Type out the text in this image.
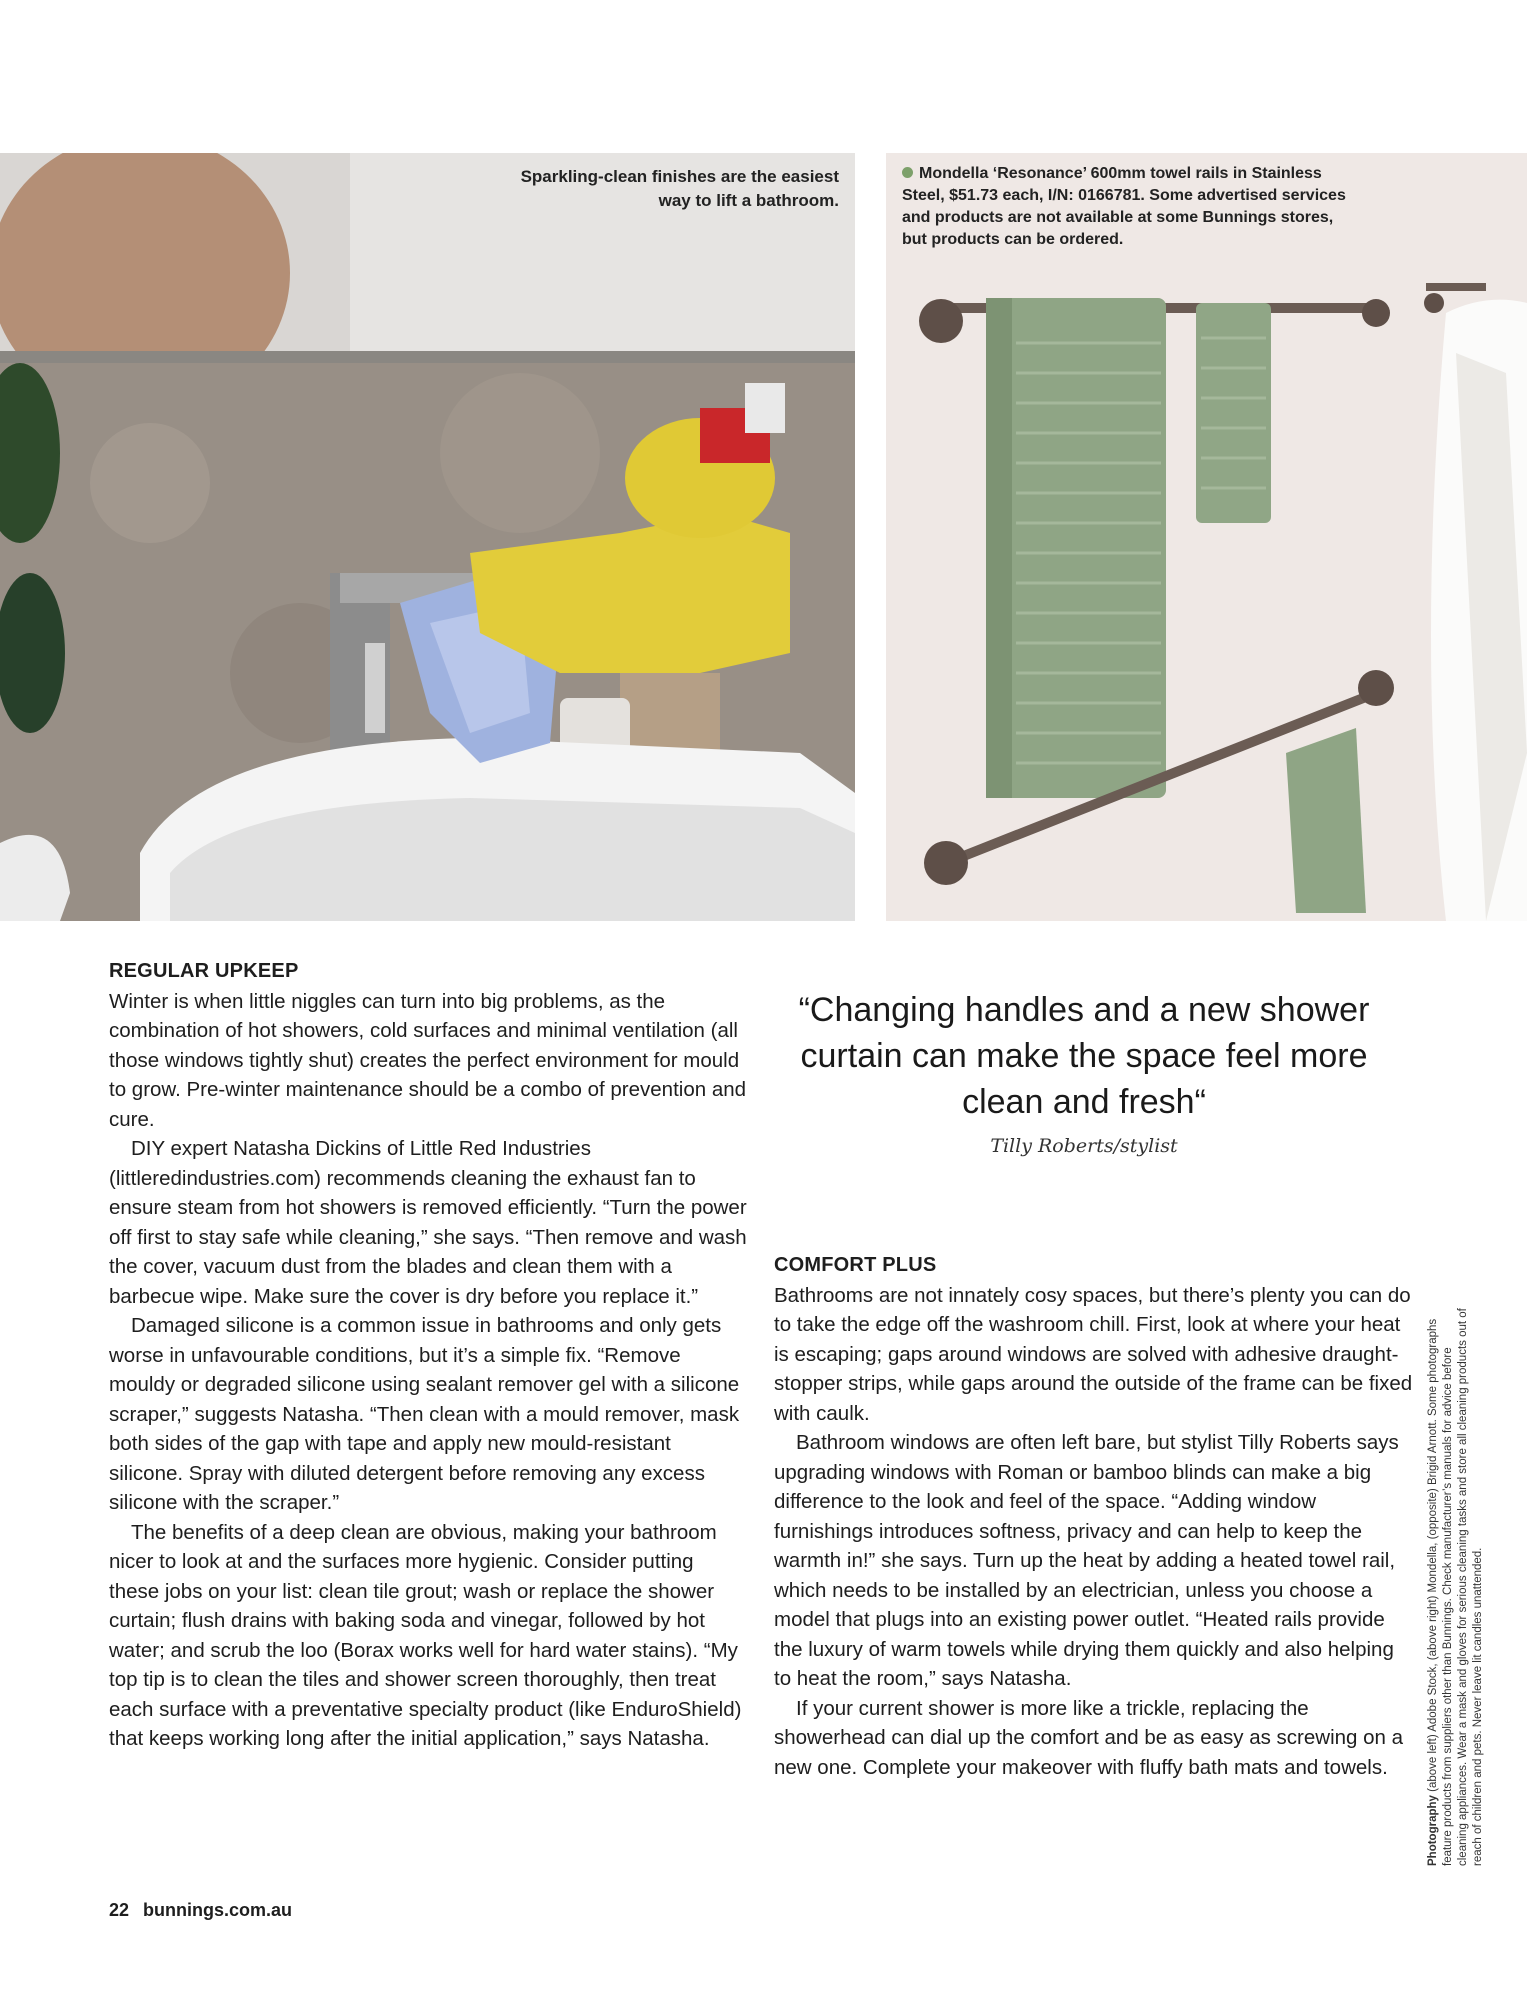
Sparkling-clean finishes are the easiest way to lift a bathroom.
Mondella ‘Resonance’ 600mm towel rails in Stainless Steel, $51.73 each, I/N: 0166781. Some advertised services and products are not available at some Bunnings stores, but products can be ordered.
REGULAR UPKEEP

Winter is when little niggles can turn into big problems, as the combination of hot showers, cold surfaces and minimal ventilation (all those windows tightly shut) creates the perfect environment for mould to grow. Pre-winter maintenance should be a combo of prevention and cure.

DIY expert Natasha Dickins of Little Red Industries (littleredindustries.com) recommends cleaning the exhaust fan to ensure steam from hot showers is removed efficiently. “Turn the power off first to stay safe while cleaning,” she says. “Then remove and wash the cover, vacuum dust from the blades and clean them with a barbecue wipe. Make sure the cover is dry before you replace it.”

Damaged silicone is a common issue in bathrooms and only gets worse in unfavourable conditions, but it’s a simple fix. “Remove mouldy or degraded silicone using sealant remover gel with a silicone scraper,” suggests Natasha. “Then clean with a mould remover, mask both sides of the gap with tape and apply new mould-resistant silicone. Spray with diluted detergent before removing any excess silicone with the scraper.”

The benefits of a deep clean are obvious, making your bathroom nicer to look at and the surfaces more hygienic. Consider putting these jobs on your list: clean tile grout; wash or replace the shower curtain; flush drains with baking soda and vinegar, followed by hot water; and scrub the loo (Borax works well for hard water stains). “My top tip is to clean the tiles and shower screen thoroughly, then treat each surface with a preventative specialty product (like EnduroShield) that keeps working long after the initial application,” says Natasha.

“Changing handles and a new shower curtain can make the space feel more clean and fresh“
Tilly Roberts/stylist
COMFORT PLUS

Bathrooms are not innately cosy spaces, but there’s plenty you can do to take the edge off the washroom chill. First, look at where your heat is escaping; gaps around windows are solved with adhesive draught-stopper strips, while gaps around the outside of the frame can be fixed with caulk.

Bathroom windows are often left bare, but stylist Tilly Roberts says upgrading windows with Roman or bamboo blinds can make a big difference to the look and feel of the space. “Adding window furnishings introduces softness, privacy and can help to keep the warmth in!” she says. Turn up the heat by adding a heated towel rail, which needs to be installed by an electrician, unless you choose a model that plugs into an existing power outlet. “Heated rails provide the luxury of warm towels while drying them quickly and also helping to heat the room,” says Natasha.

If your current shower is more like a trickle, replacing the showerhead can dial up the comfort and be as easy as screwing on a new one. Complete your makeover with fluffy bath mats and towels.

22 bunnings.com.au
Photography (above left) Adobe Stock, (above right) Mondella, (opposite) Brigid Arnott. Some photographs feature products from suppliers other than Bunnings. Check manufacturer’s manuals for advice before cleaning appliances. Wear a mask and gloves for serious cleaning tasks and store all cleaning products out of reach of children and pets. Never leave lit candles unattended.
